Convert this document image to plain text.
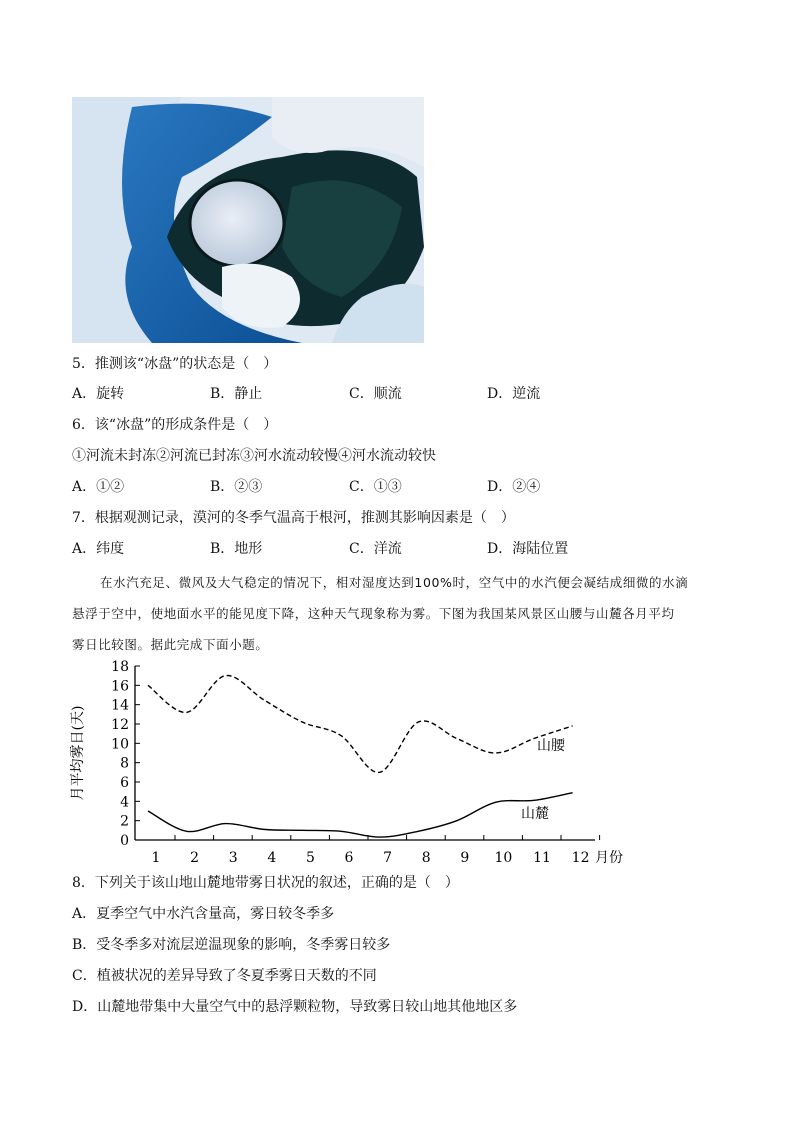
5．推测该“冰盘”的状态是（　）
A．旋转	B．静止	C．顺流	D．逆流
6．该“冰盘”的形成条件是（　）
①河流未封冻②河流已封冻③河水流动较慢④河水流动较快
A．①②	B．②③	C．①③	D．②④
7．根据观测记录，漠河的冬季气温高于根河，推测其影响因素是（　）
A．纬度	B．地形	C．洋流	D．海陆位置
在水汽充足、微风及大气稳定的情况下，相对湿度达到100%时，空气中的水汽便会凝结成细微的水滴
悬浮于空中，使地面水平的能见度下降，这种天气现象称为雾。下图为我国某风景区山腰与山麓各月平均
雾日比较图。据此完成下面小题。
0
2
4
6
8
10
12
14
16
18
1 2 3 4 5 6 7 8 9 10 11 12
月平均雾日(天)
月份
山腰
山麓
8．下列关于该山地山麓地带雾日状况的叙述，正确的是（　）
A．夏季空气中水汽含量高，雾日较冬季多
B．受冬季多对流层逆温现象的影响，冬季雾日较多
C．植被状况的差异导致了冬夏季雾日天数的不同
D．山麓地带集中大量空气中的悬浮颗粒物，导致雾日较山地其他地区多
